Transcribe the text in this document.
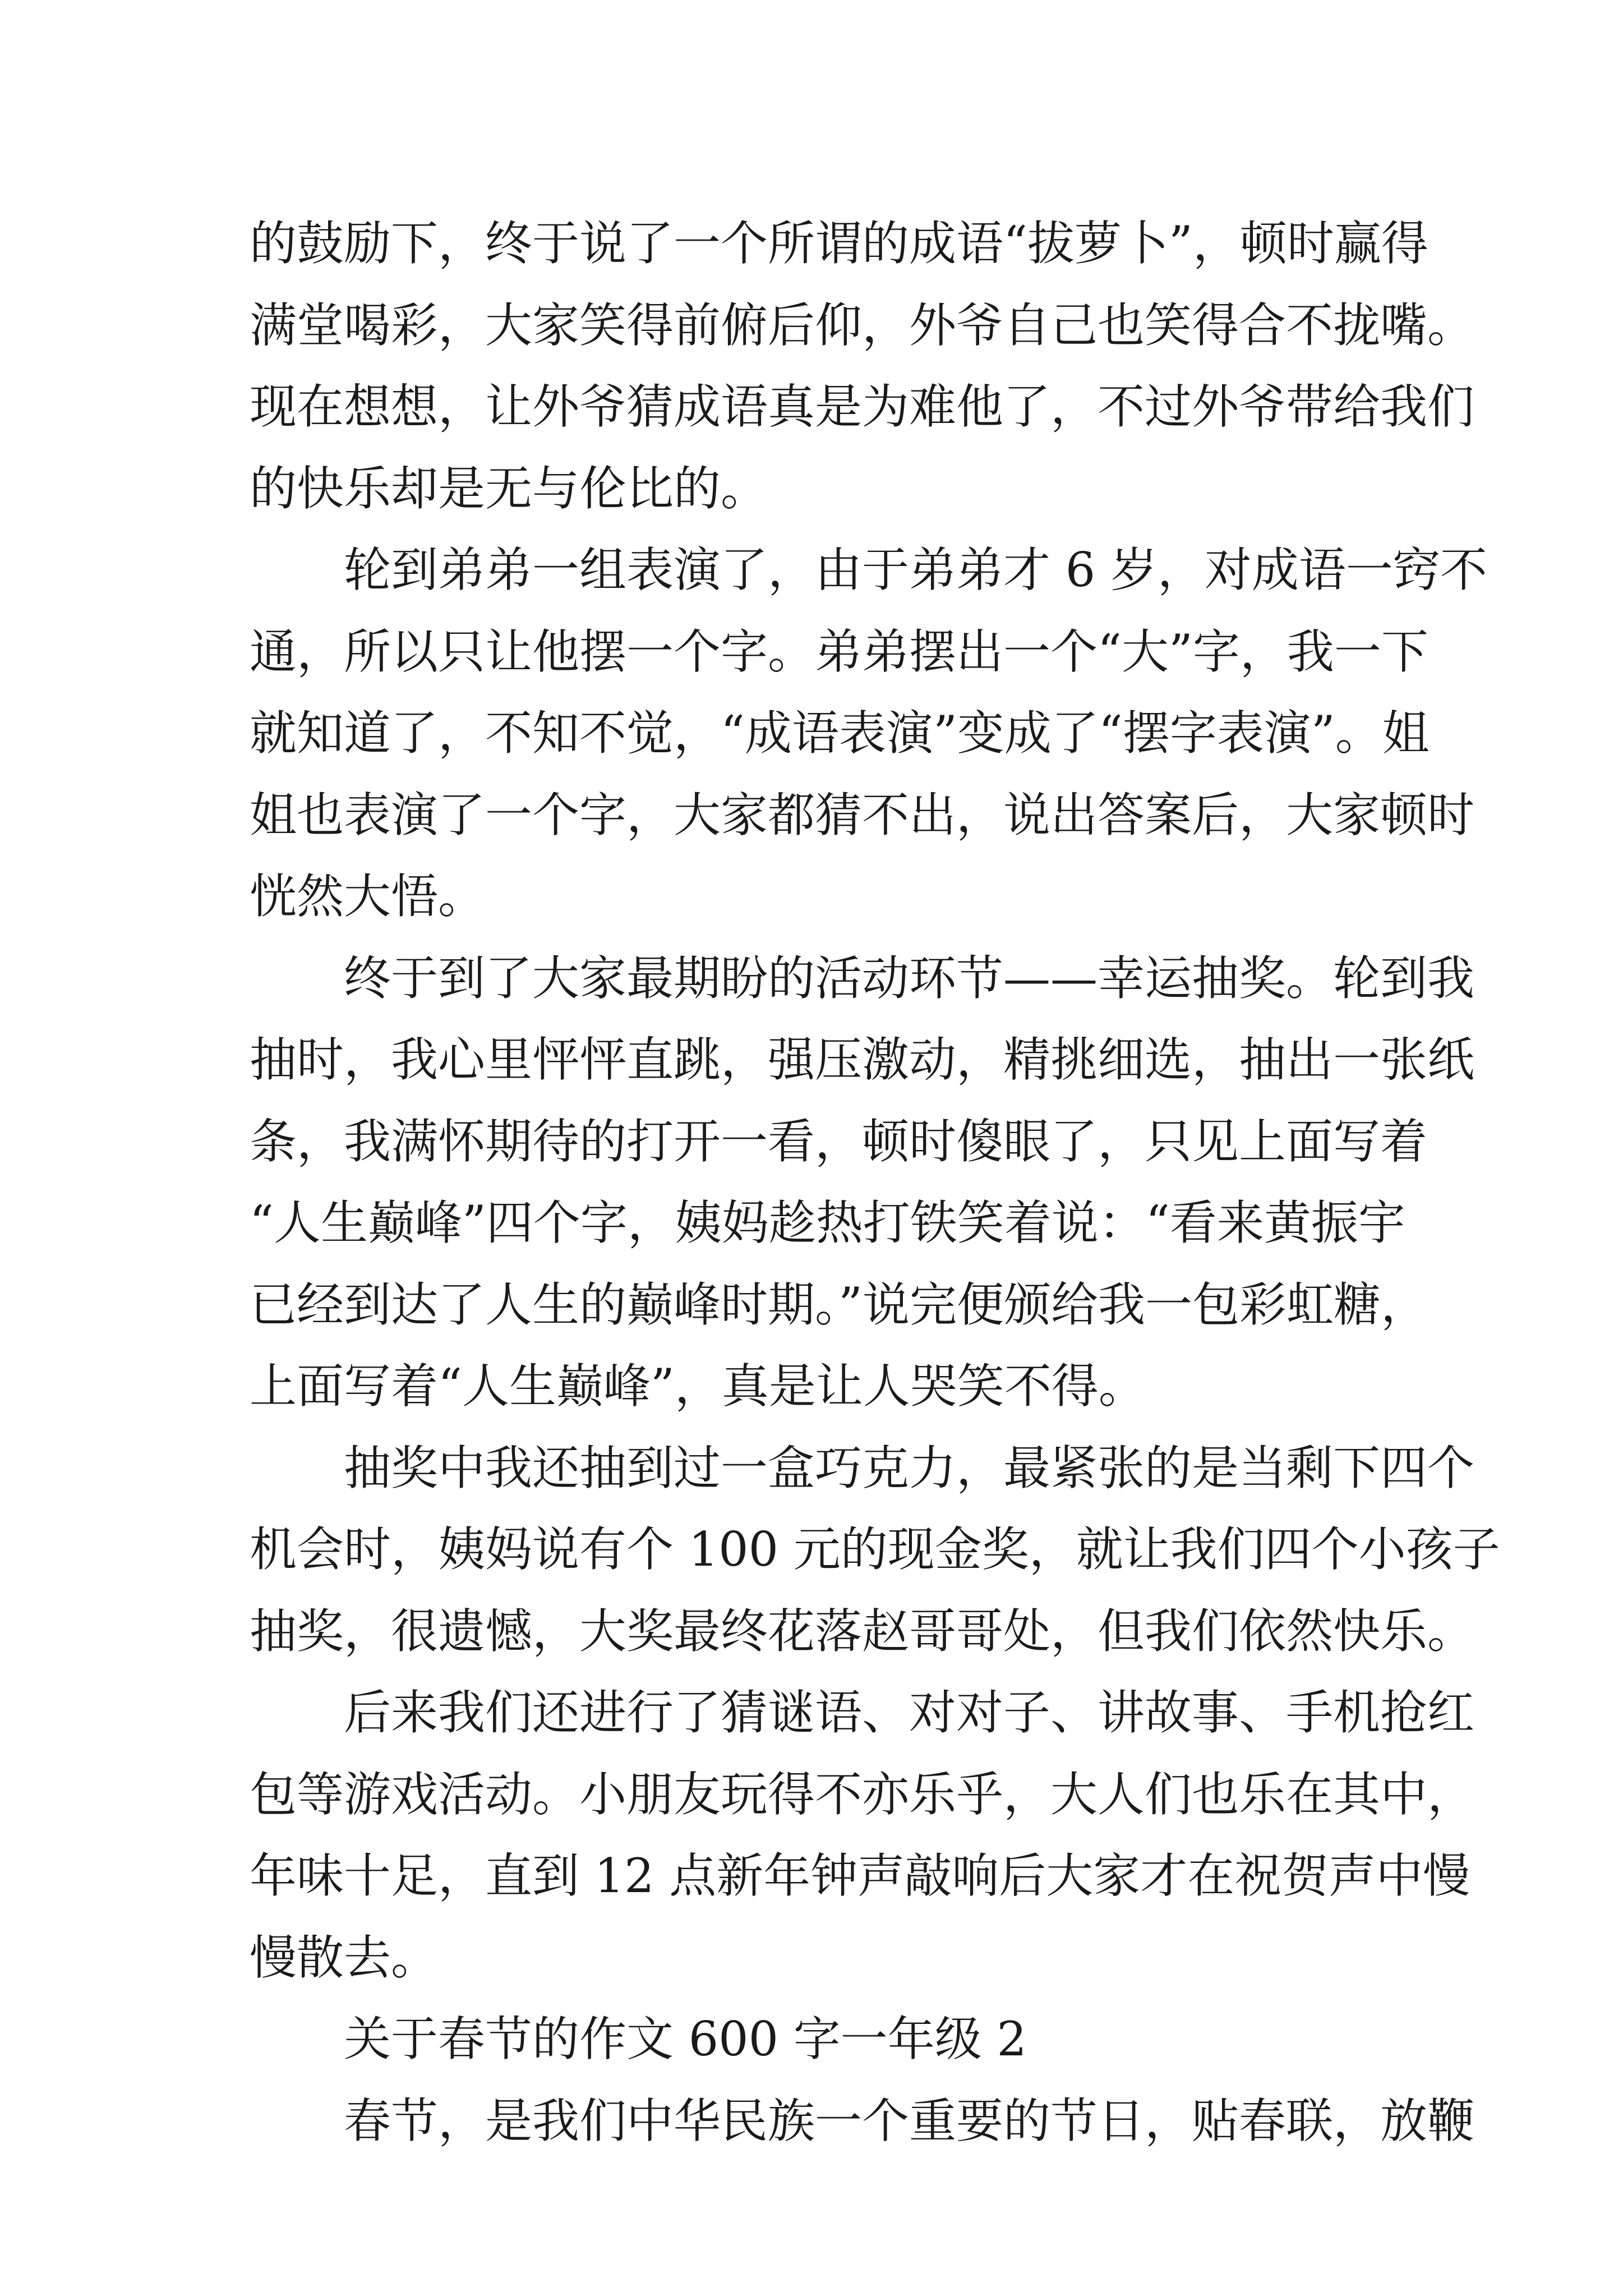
的鼓励下，终于说了一个所谓的成语“拔萝卜”，顿时赢得
满堂喝彩，大家笑得前俯后仰，外爷自己也笑得合不拢嘴。
现在想想，让外爷猜成语真是为难他了，不过外爷带给我们
的快乐却是无与伦比的。
轮到弟弟一组表演了，由于弟弟才 6 岁，对成语一窍不
通，所以只让他摆一个字。弟弟摆出一个“大”字，我一下
就知道了，不知不觉，“成语表演”变成了“摆字表演”。姐
姐也表演了一个字，大家都猜不出，说出答案后，大家顿时
恍然大悟。
终于到了大家最期盼的活动环节——幸运抽奖。轮到我
抽时，我心里怦怦直跳，强压激动，精挑细选，抽出一张纸
条，我满怀期待的打开一看，顿时傻眼了，只见上面写着
“人生巅峰”四个字，姨妈趁热打铁笑着说：“看来黄振宇
已经到达了人生的巅峰时期。”说完便颁给我一包彩虹糖，
上面写着“人生巅峰”，真是让人哭笑不得。
抽奖中我还抽到过一盒巧克力，最紧张的是当剩下四个
机会时，姨妈说有个 100 元的现金奖，就让我们四个小孩子
抽奖，很遗憾，大奖最终花落赵哥哥处，但我们依然快乐。
后来我们还进行了猜谜语、对对子、讲故事、手机抢红
包等游戏活动。小朋友玩得不亦乐乎，大人们也乐在其中，
年味十足，直到 12 点新年钟声敲响后大家才在祝贺声中慢
慢散去。
关于春节的作文 600 字一年级 2
春节，是我们中华民族一个重要的节日，贴春联，放鞭
